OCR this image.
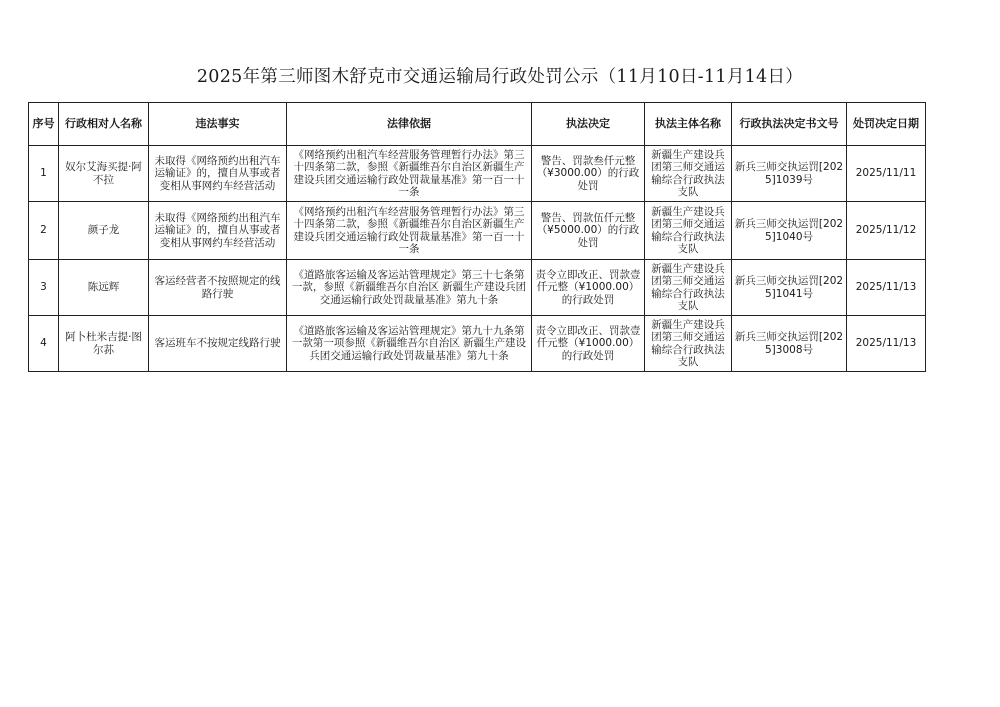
2025年第三师图木舒克市交通运输局行政处罚公示（11月10日-11月14日）
序号	行政相对人名称	违法事实	法律依据	执法决定	执法主体名称	行政执法决定书文号	处罚决定日期
1	奴尔艾海买提·阿不拉	未取得《网络预约出租汽车运输证》的，擅自从事或者变相从事网约车经营活动	《网络预约出租汽车经营服务管理暂行办法》第三十四条第二款，参照《新疆维吾尔自治区新疆生产建设兵团交通运输行政处罚裁量基准》第一百一十一条	警告、罚款叁仟元整（¥3000.00）的行政处罚	新疆生产建设兵团第三师交通运输综合行政执法支队	新兵三师交执运罚[2025]1039号	2025/11/11
2	颜子龙	未取得《网络预约出租汽车运输证》的，擅自从事或者变相从事网约车经营活动	《网络预约出租汽车经营服务管理暂行办法》第三十四条第二款，参照《新疆维吾尔自治区新疆生产建设兵团交通运输行政处罚裁量基准》第一百一十一条	警告、罚款伍仟元整（¥5000.00）的行政处罚	新疆生产建设兵团第三师交通运输综合行政执法支队	新兵三师交执运罚[2025]1040号	2025/11/12
3	陈远辉	客运经营者不按照规定的线路行驶	《道路旅客运输及客运站管理规定》第三十七条第一款，参照《新疆维吾尔自治区 新疆生产建设兵团交通运输行政处罚裁量基准》第九十条	责令立即改正、罚款壹仟元整（¥1000.00）的行政处罚	新疆生产建设兵团第三师交通运输综合行政执法支队	新兵三师交执运罚[2025]1041号	2025/11/13
4	阿卜杜米吉提·图尔荪	客运班车不按规定线路行驶	《道路旅客运输及客运站管理规定》第九十九条第一款第一项参照《新疆维吾尔自治区 新疆生产建设兵团交通运输行政处罚裁量基准》第九十条	责令立即改正、罚款壹仟元整（¥1000.00）的行政处罚	新疆生产建设兵团第三师交通运输综合行政执法支队	新兵三师交执运罚[2025]3008号	2025/11/13
